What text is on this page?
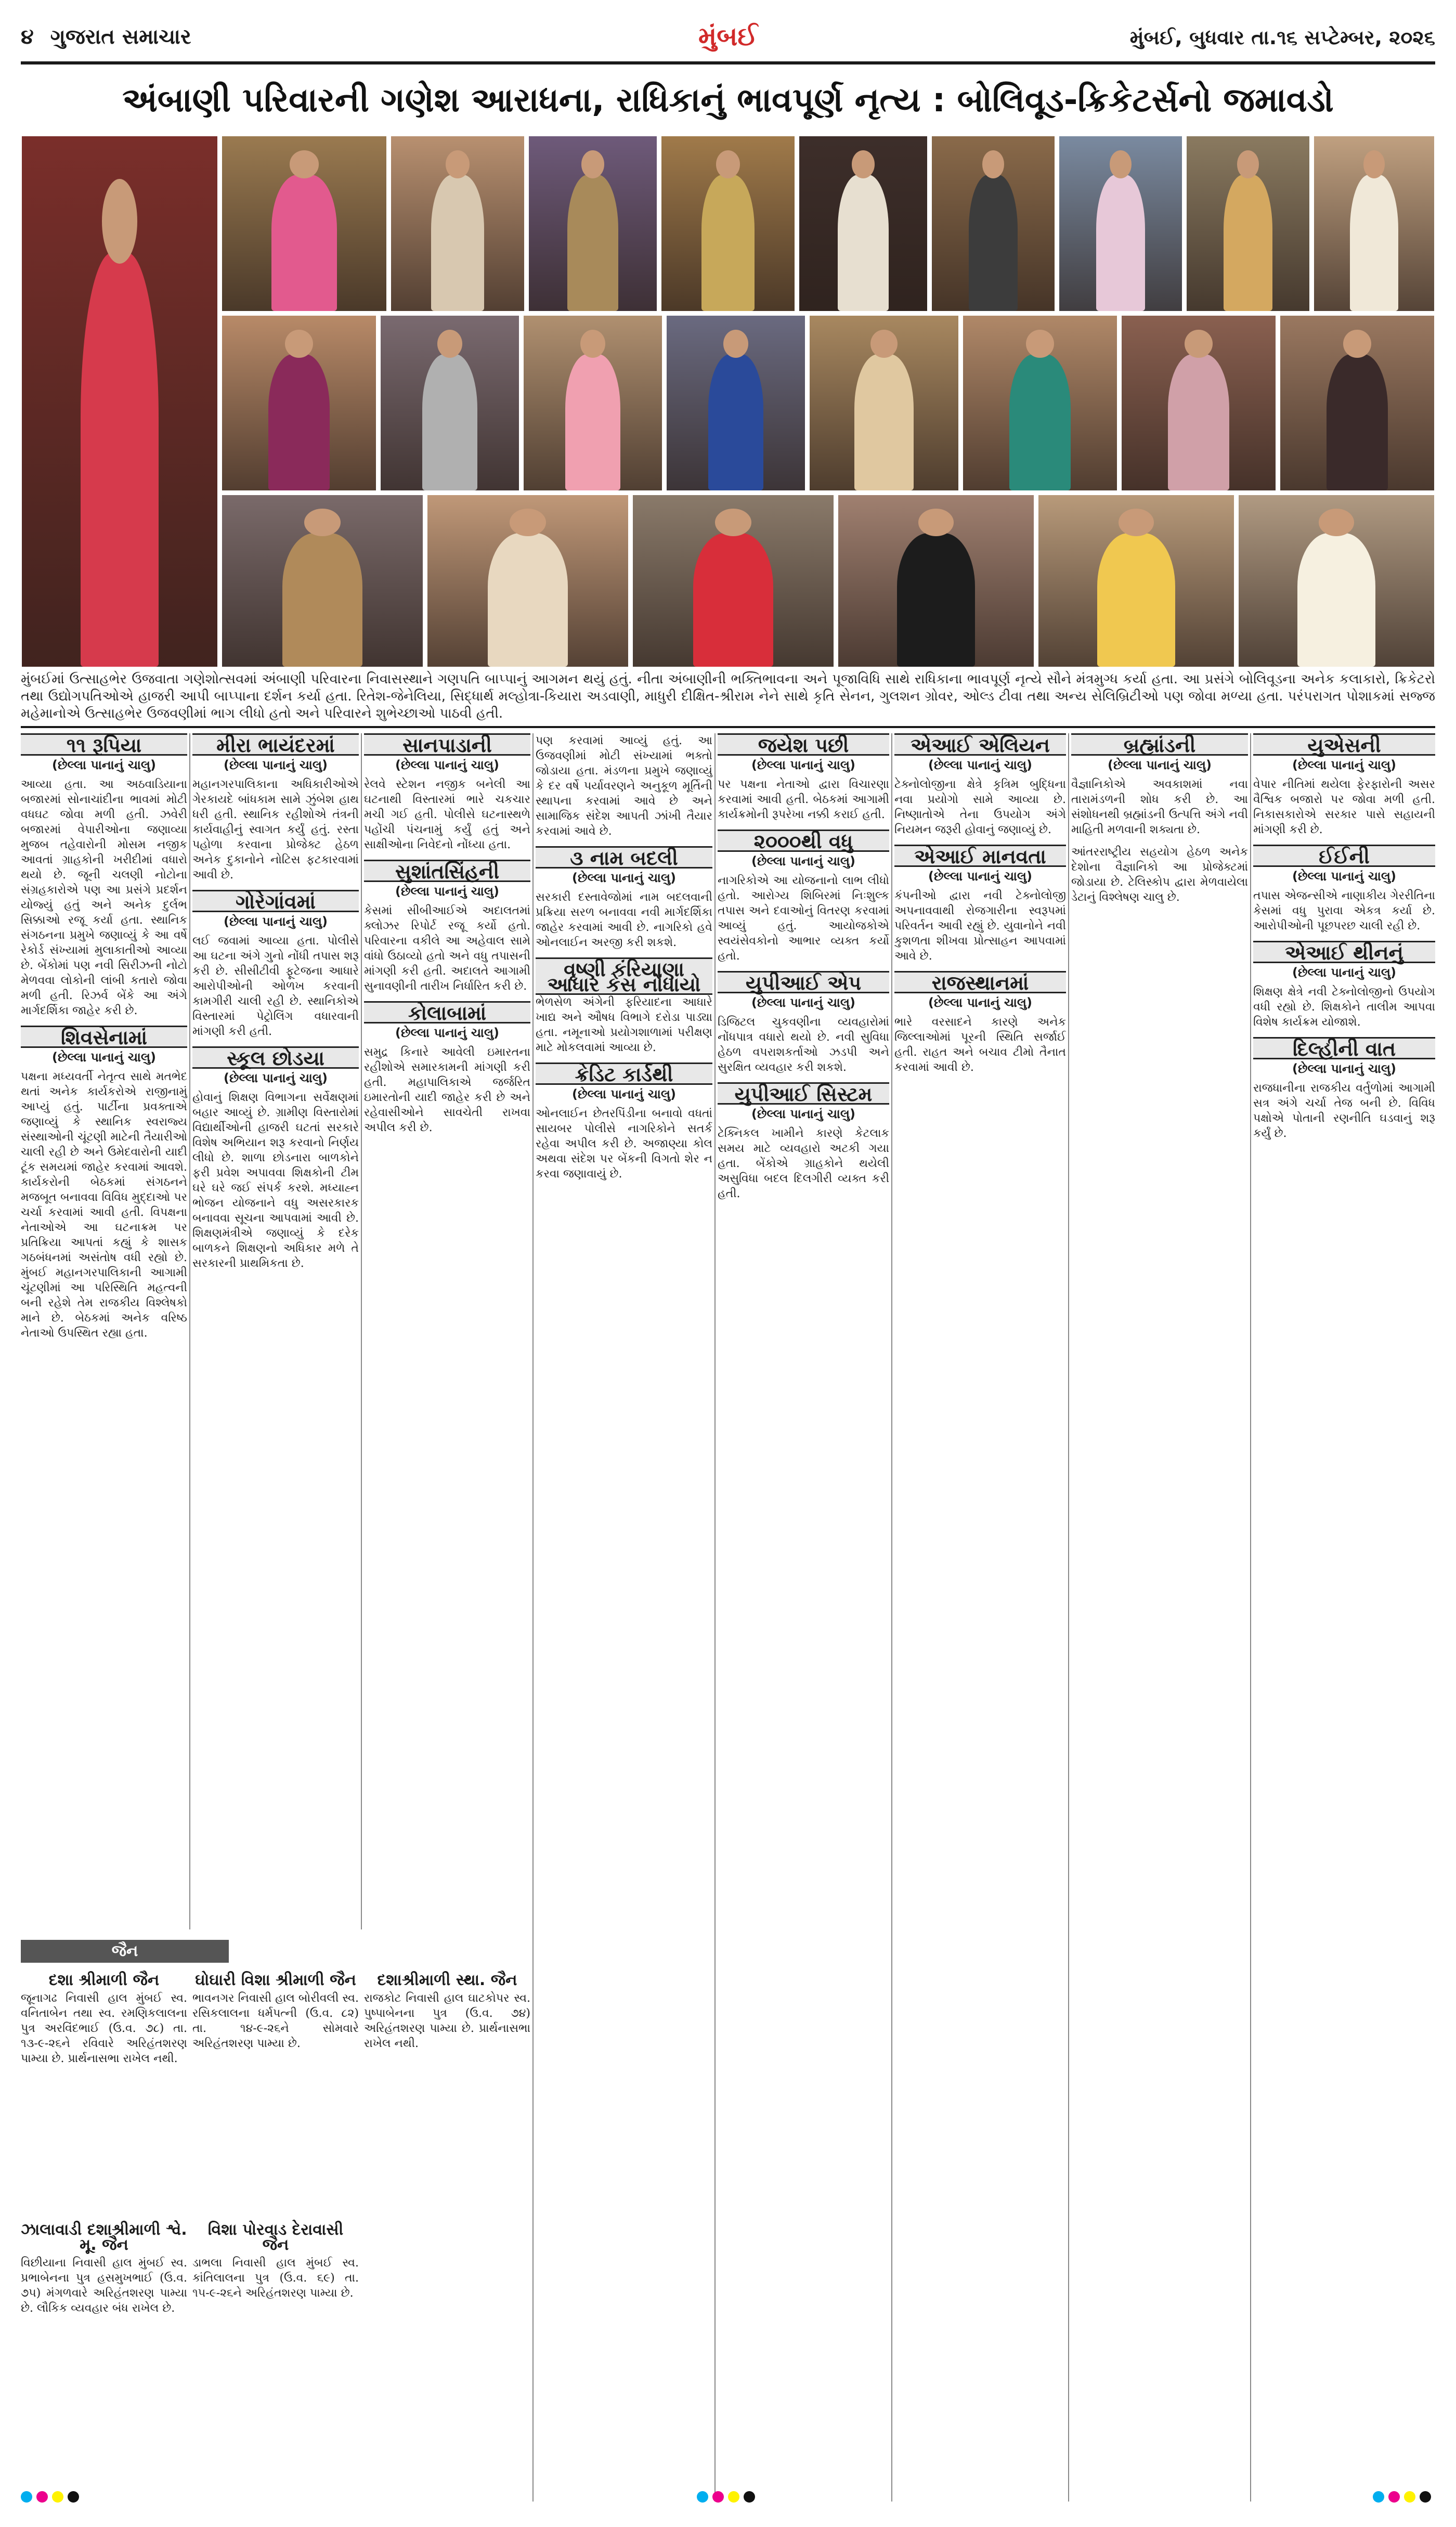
૪ ગુજરાત સમાચાર	મુંબઈ	મુંબઈ, બુધવાર તા.૧૬ સપ્ટેમ્બર, ૨૦૨૬
અંબાણી પરિવારની ગણેશ આરાધના, રાધિકાનું ભાવપૂર્ણ નૃત્ય : બોલિવૂડ-ક્રિકેટર્સનો જમાવડો
મુંબઈમાં ઉત્સાહભેર ઉજવાતા ગણેશોત્સવમાં અંબાણી પરિવારના નિવાસસ્થાને ગણપતિ બાપ્પાનું આગમન થયું હતું. નીતા અંબાણીની ભક્તિભાવના અને પૂજાવિધિ સાથે રાધિકાના ભાવપૂર્ણ નૃત્યે સૌને મંત્રમુગ્ધ કર્યા હતા. આ પ્રસંગે બોલિવૂડના અનેક કલાકારો, ક્રિકેટરો તથા ઉદ્યોગપતિઓએ હાજરી આપી બાપ્પાના દર્શન કર્યા હતા. રિતેશ-જેનેલિયા, સિદ્ધાર્થ મલ્હોત્રા-કિયારા અડવાણી, માધુરી દીક્ષિત-શ્રીરામ નેને સાથે કૃતિ સેનન, ગુલશન ગ્રોવર, ઓલ્ડ ટીવા તથા અન્ય સેલિબ્રિટીઓ પણ જોવા મળ્યા હતા. પરંપરાગત પોશાકમાં સજ્જ મહેમાનોએ ઉત્સાહભેર ઉજવણીમાં ભાગ લીધો હતો અને પરિવારને શુભેચ્છાઓ પાઠવી હતી.
૧૧ રૂપિયા
(છેલ્લા પાનાનું ચાલુ)
આવ્યા હતા. આ અઠવાડિયાના બજારમાં સોનાચાંદીના ભાવમાં મોટી વધઘટ જોવા મળી હતી. ઝવેરી બજારમાં વેપારીઓના જણાવ્યા મુજબ તહેવારોની મોસમ નજીક આવતાં ગ્રાહકોની ખરીદીમાં વધારો થયો છે. જૂની ચલણી નોટોના સંગ્રહકારોએ પણ આ પ્રસંગે પ્રદર્શન યોજ્યું હતું અને અનેક દુર્લભ સિક્કાઓ રજૂ કર્યા હતા. સ્થાનિક સંગઠનના પ્રમુખે જણાવ્યું કે આ વર્ષે રેકોર્ડ સંખ્યામાં મુલાકાતીઓ આવ્યા છે. બેંકોમાં પણ નવી સિરીઝની નોટો મેળવવા લોકોની લાંબી કતારો જોવા મળી હતી. રિઝર્વ બેંકે આ અંગે માર્ગદર્શિકા જાહેર કરી છે.
શિવસેનામાં
(છેલ્લા પાનાનું ચાલુ)
પક્ષના મધ્યવર્તી નેતૃત્વ સાથે મતભેદ થતાં અનેક કાર્યકરોએ રાજીનામું આપ્યું હતું. પાર્ટીના પ્રવક્તાએ જણાવ્યું કે સ્થાનિક સ્વરાજ્ય સંસ્થાઓની ચૂંટણી માટેની તૈયારીઓ ચાલી રહી છે અને ઉમેદવારોની યાદી ટૂંક સમયમાં જાહેર કરવામાં આવશે. કાર્યકરોની બેઠકમાં સંગઠનને મજબૂત બનાવવા વિવિધ મુદ્દાઓ પર ચર્ચા કરવામાં આવી હતી. વિપક્ષના નેતાઓએ આ ઘટનાક્રમ પર પ્રતિક્રિયા આપતાં કહ્યું કે શાસક ગઠબંધનમાં અસંતોષ વધી રહ્યો છે. મુંબઈ મહાનગરપાલિકાની આગામી ચૂંટણીમાં આ પરિસ્થિતિ મહત્વની બની રહેશે તેમ રાજકીય વિશ્લેષકો માને છે. બેઠકમાં અનેક વરિષ્ઠ નેતાઓ ઉપસ્થિત રહ્યા હતા.
મીરા ભાયંદરમાં
(છેલ્લા પાનાનું ચાલુ)
મહાનગરપાલિકાના અધિકારીઓએ ગેરકાયદે બાંધકામ સામે ઝુંબેશ હાથ ધરી હતી. સ્થાનિક રહીશોએ તંત્રની કાર્યવાહીનું સ્વાગત કર્યું હતું. રસ્તા પહોળા કરવાના પ્રોજેક્ટ હેઠળ અનેક દુકાનોને નોટિસ ફટકારવામાં આવી છે.
ગોરેગાંવમાં
(છેલ્લા પાનાનું ચાલુ)
લઈ જવામાં આવ્યા હતા. પોલીસે આ ઘટના અંગે ગુનો નોંધી તપાસ શરૂ કરી છે. સીસીટીવી ફૂટેજના આધારે આરોપીઓની ઓળખ કરવાની કામગીરી ચાલી રહી છે. સ્થાનિકોએ વિસ્તારમાં પેટ્રોલિંગ વધારવાની માંગણી કરી હતી.
સ્કૂલ છોડયા
(છેલ્લા પાનાનું ચાલુ)
હોવાનું શિક્ષણ વિભાગના સર્વેક્ષણમાં બહાર આવ્યું છે. ગ્રામીણ વિસ્તારોમાં વિદ્યાર્થીઓની હાજરી ઘટતાં સરકારે વિશેષ અભિયાન શરૂ કરવાનો નિર્ણય લીધો છે. શાળા છોડનારા બાળકોને ફરી પ્રવેશ અપાવવા શિક્ષકોની ટીમ ઘરે ઘરે જઈ સંપર્ક કરશે. મધ્યાહ્ન ભોજન યોજનાને વધુ અસરકારક બનાવવા સૂચના આપવામાં આવી છે. શિક્ષણમંત્રીએ જણાવ્યું કે દરેક બાળકને શિક્ષણનો અધિકાર મળે તે સરકારની પ્રાથમિકતા છે.
સાનપાડાની
(છેલ્લા પાનાનું ચાલુ)
રેલવે સ્ટેશન નજીક બનેલી આ ઘટનાથી વિસ્તારમાં ભારે ચકચાર મચી ગઈ હતી. પોલીસે ઘટનાસ્થળે પહોંચી પંચનામું કર્યું હતું અને સાક્ષીઓના નિવેદનો નોંધ્યા હતા.
સુશાંતસિંહની
(છેલ્લા પાનાનું ચાલુ)
કેસમાં સીબીઆઈએ અદાલતમાં ક્લોઝર રિપોર્ટ રજૂ કર્યો હતો. પરિવારના વકીલે આ અહેવાલ સામે વાંધો ઉઠાવ્યો હતો અને વધુ તપાસની માંગણી કરી હતી. અદાલતે આગામી સુનાવણીની તારીખ નિર્ધારિત કરી છે.
કોલાબામાં
(છેલ્લા પાનાનું ચાલુ)
સમુદ્ર કિનારે આવેલી ઇમારતના રહીશોએ સમારકામની માંગણી કરી હતી. મહાપાલિકાએ જર્જરિત ઇમારતોની યાદી જાહેર કરી છે અને રહેવાસીઓને સાવચેતી રાખવા અપીલ કરી છે.
પણ કરવામાં આવ્યું હતું. આ ઉજવણીમાં મોટી સંખ્યામાં ભક્તો જોડાયા હતા. મંડળના પ્રમુખે જણાવ્યું કે દર વર્ષે પર્યાવરણને અનુકૂળ મૂર્તિની સ્થાપના કરવામાં આવે છે અને સામાજિક સંદેશ આપતી ઝાંખી તૈયાર કરવામાં આવે છે.
૩ નામ બદલી
(છેલ્લા પાનાનું ચાલુ)
સરકારી દસ્તાવેજોમાં નામ બદલવાની પ્રક્રિયા સરળ બનાવવા નવી માર્ગદર્શિકા જાહેર કરવામાં આવી છે. નાગરિકો હવે ઓનલાઈન અરજી કરી શકશે.
વૃષ્ણી કંરિયાણા આધાર કેસ નોંધાયો
ભેળસેળ અંગેની ફરિયાદના આધારે ખાદ્ય અને ઔષધ વિભાગે દરોડા પાડ્યા હતા. નમૂનાઓ પ્રયોગશાળામાં પરીક્ષણ માટે મોકલવામાં આવ્યા છે.
ક્રેડિટ કાર્ડથી
(છેલ્લા પાનાનું ચાલુ)
ઓનલાઈન છેતરપિંડીના બનાવો વધતાં સાયબર પોલીસે નાગરિકોને સતર્ક રહેવા અપીલ કરી છે. અજાણ્યા કોલ અથવા સંદેશ પર બેંકની વિગતો શેર ન કરવા જણાવાયું છે.
જયેશ પછી
(છેલ્લા પાનાનું ચાલુ)
પર પક્ષના નેતાઓ દ્વારા વિચારણા કરવામાં આવી હતી. બેઠકમાં આગામી કાર્યક્રમોની રૂપરેખા નક્કી કરાઈ હતી.
૨૦૦૦થી વધુ
(છેલ્લા પાનાનું ચાલુ)
નાગરિકોએ આ યોજનાનો લાભ લીધો હતો. આરોગ્ય શિબિરમાં નિઃશુલ્ક તપાસ અને દવાઓનું વિતરણ કરવામાં આવ્યું હતું. આયોજકોએ સ્વયંસેવકોનો આભાર વ્યક્ત કર્યો હતો.
યુપીઆઈ એપ
(છેલ્લા પાનાનું ચાલુ)
ડિજિટલ ચુકવણીના વ્યવહારોમાં નોંધપાત્ર વધારો થયો છે. નવી સુવિધા હેઠળ વપરાશકર્તાઓ ઝડપી અને સુરક્ષિત વ્યવહાર કરી શકશે.
યુપીઆઈ સિસ્ટમ
(છેલ્લા પાનાનું ચાલુ)
ટેક્નિકલ ખામીને કારણે કેટલાક સમય માટે વ્યવહારો અટકી ગયા હતા. બેંકોએ ગ્રાહકોને થયેલી અસુવિધા બદલ દિલગીરી વ્યક્ત કરી હતી.
એઆઈ એલિયન
(છેલ્લા પાનાનું ચાલુ)
ટેક્નોલોજીના ક્ષેત્રે કૃત્રિમ બુદ્ધિના નવા પ્રયોગો સામે આવ્યા છે. નિષ્ણાતોએ તેના ઉપયોગ અંગે નિયમન જરૂરી હોવાનું જણાવ્યું છે.
એઆઈ માનવતા
(છેલ્લા પાનાનું ચાલુ)
કંપનીઓ દ્વારા નવી ટેક્નોલોજી અપનાવવાથી રોજગારીના સ્વરૂપમાં પરિવર્તન આવી રહ્યું છે. યુવાનોને નવી કુશળતા શીખવા પ્રોત્સાહન આપવામાં આવે છે.
રાજસ્થાનમાં
(છેલ્લા પાનાનું ચાલુ)
ભારે વરસાદને કારણે અનેક જિલ્લાઓમાં પૂરની સ્થિતિ સર્જાઈ હતી. રાહત અને બચાવ ટીમો તૈનાત કરવામાં આવી છે.
બ્રહ્માંડની
(છેલ્લા પાનાનું ચાલુ)
વૈજ્ઞાનિકોએ અવકાશમાં નવા તારામંડળની શોધ કરી છે. આ સંશોધનથી બ્રહ્માંડની ઉત્પત્તિ અંગે નવી માહિતી મળવાની શક્યતા છે.
આંતરરાષ્ટ્રીય સહયોગ હેઠળ અનેક દેશોના વૈજ્ઞાનિકો આ પ્રોજેક્ટમાં જોડાયા છે. ટેલિસ્કોપ દ્વારા મેળવાયેલા ડેટાનું વિશ્લેષણ ચાલુ છે.
યુએસની
(છેલ્લા પાનાનું ચાલુ)
વેપાર નીતિમાં થયેલા ફેરફારોની અસર વૈશ્વિક બજારો પર જોવા મળી હતી. નિકાસકારોએ સરકાર પાસે સહાયની માંગણી કરી છે.
ઈઈની
(છેલ્લા પાનાનું ચાલુ)
તપાસ એજન્સીએ નાણાકીય ગેરરીતિના કેસમાં વધુ પુરાવા એકત્ર કર્યા છે. આરોપીઓની પૂછપરછ ચાલી રહી છે.
એઆઈ થીનનું
(છેલ્લા પાનાનું ચાલુ)
શિક્ષણ ક્ષેત્રે નવી ટેક્નોલોજીનો ઉપયોગ વધી રહ્યો છે. શિક્ષકોને તાલીમ આપવા વિશેષ કાર્યક્રમ યોજાશે.
દિલ્હીની વાત
(છેલ્લા પાનાનું ચાલુ)
રાજધાનીના રાજકીય વર્તુળોમાં આગામી સત્ર અંગે ચર્ચા તેજ બની છે. વિવિધ પક્ષોએ પોતાની રણનીતિ ઘડવાનું શરૂ કર્યું છે.
જૈન
દશા શ્રીમાળી જૈન
જૂનાગઢ નિવાસી હાલ મુંબઈ સ્વ. વનિતાબેન તથા સ્વ. રમણિકલાલના પુત્ર અરવિંદભાઈ (ઉ.વ. ૭૮) તા. ૧૩-૯-૨૬ને રવિવારે અરિહંતશરણ પામ્યા છે. પ્રાર્થનાસભા રાખેલ નથી.
ઝાલાવાડી દશાશ્રીમાળી શ્વે. મૂ. જૈન
વિછીયાના નિવાસી હાલ મુંબઈ સ્વ. પ્રભાબેનના પુત્ર હસમુખભાઈ (ઉ.વ. ૭૫) મંગળવારે અરિહંતશરણ પામ્યા છે. લૌકિક વ્યવહાર બંધ રાખેલ છે.
ઘોઘારી વિશા શ્રીમાળી જૈન
ભાવનગર નિવાસી હાલ બોરીવલી સ્વ. રસિકલાલના ધર્મપત્ની (ઉ.વ. ૮૨) તા. ૧૪-૯-૨૬ને સોમવારે અરિહંતશરણ પામ્યા છે.
વિશા પોરવાડ દેરાવાસી જૈન
ડાભલા નિવાસી હાલ મુંબઈ સ્વ. કાંતિલાલના પુત્ર (ઉ.વ. ૬૯) તા. ૧૫-૯-૨૬ને અરિહંતશરણ પામ્યા છે.
દશાશ્રીમાળી સ્થા. જૈન
રાજકોટ નિવાસી હાલ ઘાટકોપર સ્વ. પુષ્પાબેનના પુત્ર (ઉ.વ. ૭૪) અરિહંતશરણ પામ્યા છે. પ્રાર્થનાસભા રાખેલ નથી.
